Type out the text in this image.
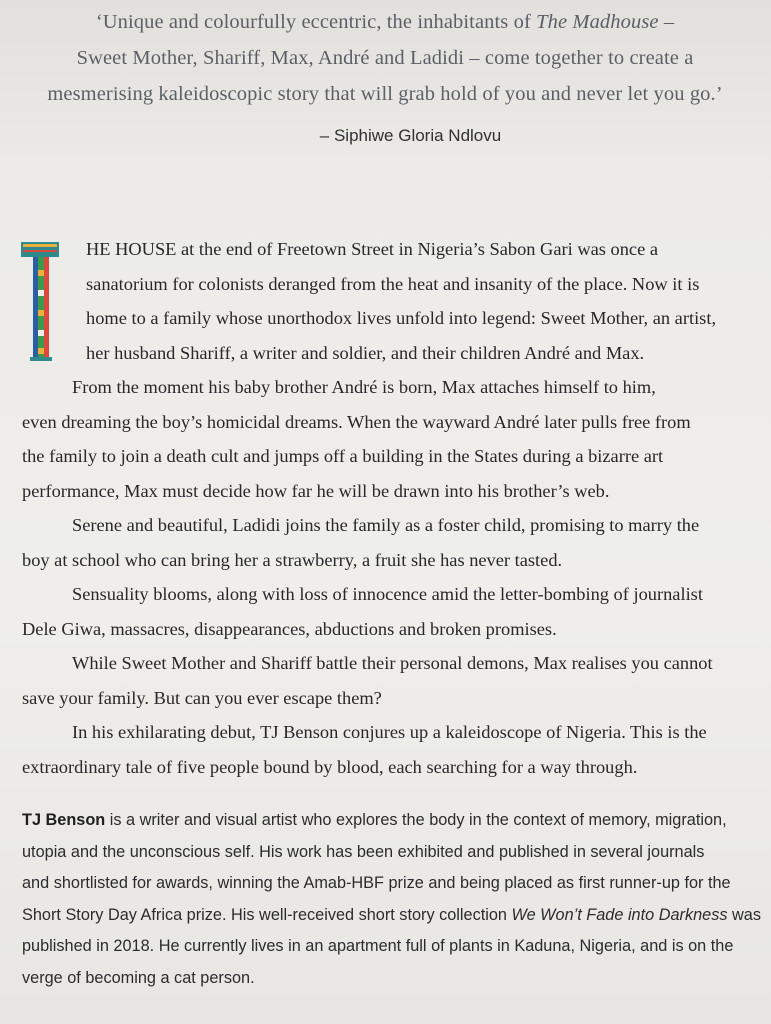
‘Unique and colourfully eccentric, the inhabitants of The Madhouse –
Sweet Mother, Shariff, Max, André and Ladidi – come together to create a
mesmerising kaleidoscopic story that will grab hold of you and never let you go.’
– Siphiwe Gloria Ndlovu
HE HOUSE at the end of Freetown Street in Nigeria’s Sabon Gari was once a
sanatorium for colonists deranged from the heat and insanity of the place. Now it is
home to a family whose unorthodox lives unfold into legend: Sweet Mother, an artist,
her husband Shariff, a writer and soldier, and their children André and Max.
From the moment his baby brother André is born, Max attaches himself to him,
even dreaming the boy’s homicidal dreams. When the wayward André later pulls free from
the family to join a death cult and jumps off a building in the States during a bizarre art
performance, Max must decide how far he will be drawn into his brother’s web.
Serene and beautiful, Ladidi joins the family as a foster child, promising to marry the
boy at school who can bring her a strawberry, a fruit she has never tasted.
Sensuality blooms, along with loss of innocence amid the letter-bombing of journalist
Dele Giwa, massacres, disappearances, abductions and broken promises.
While Sweet Mother and Shariff battle their personal demons, Max realises you cannot
save your family. But can you ever escape them?
In his exhilarating debut, TJ Benson conjures up a kaleidoscope of Nigeria. This is the
extraordinary tale of five people bound by blood, each searching for a way through.
TJ Benson is a writer and visual artist who explores the body in the context of memory, migration,
utopia and the unconscious self. His work has been exhibited and published in several journals
and shortlisted for awards, winning the Amab-HBF prize and being placed as first runner-up for the
Short Story Day Africa prize. His well-received short story collection We Won’t Fade into Darkness was
published in 2018. He currently lives in an apartment full of plants in Kaduna, Nigeria, and is on the
verge of becoming a cat person.
